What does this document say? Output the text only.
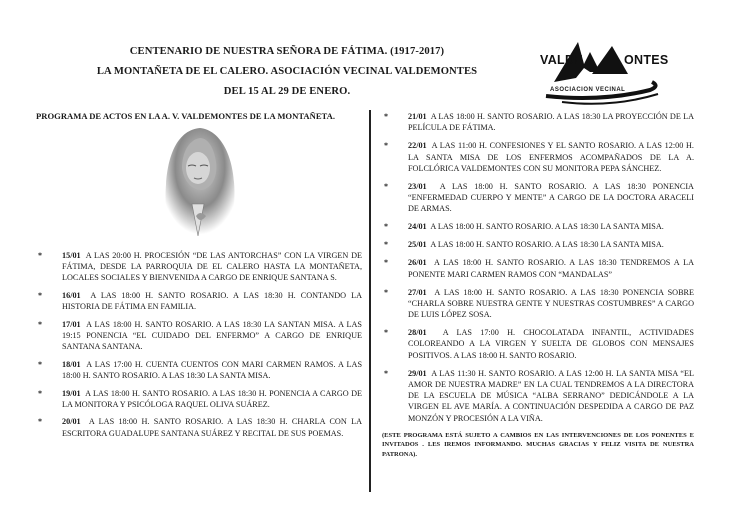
CENTENARIO DE NUESTRA SEÑORA DE FÁTIMA. (1917-2017)
LA MONTAÑETA DE EL CALERO. ASOCIACIÓN VECINAL VALDEMONTES
DEL 15 AL 29 DE ENERO.
VALDE	ONTES
ASOCIACION VECINAL
PROGRAMA DE ACTOS EN LA A. V. VALDEMONTES DE LA MONTAÑETA.
* 15/01 A LAS 20:00 H. PROCESIÓN “DE LAS ANTORCHAS” CON LA VIRGEN DE FÁTIMA, DESDE LA PARROQUIA DE EL CALERO HASTA LA MONTAÑETA, LOCALES SOCIALES Y BIENVENIDA A CARGO DE ENRIQUE SANTANA S.
* 16/01 A LAS 18:00 H. SANTO ROSARIO. A LAS 18:30 H. CONTANDO LA HISTORIA DE FÁTIMA EN FAMILIA.
* 17/01 A LAS 18:00 H. SANTO ROSARIO. A LAS 18:30 LA SANTAN MISA. A LAS 19:15 PONENCIA “EL CUIDADO DEL ENFERMO” A CARGO DE ENRIQUE SANTANA SANTANA.
* 18/01 A LAS 17:00 H. CUENTA CUENTOS CON MARI CARMEN RAMOS. A LAS 18:00 H. SANTO ROSARIO. A LAS 18:30 LA SANTA MISA.
* 19/01 A LAS 18:00 H. SANTO ROSARIO. A LAS 18:30 H. PONENCIA A CARGO DE LA MONITORA Y PSICÓLOGA RAQUEL OLIVA SUÁREZ.
* 20/01 A LAS 18:00 H. SANTO ROSARIO. A LAS 18:30 H. CHARLA CON LA ESCRITORA GUADALUPE SANTANA SUÁREZ Y RECITAL DE SUS POEMAS.
* 21/01 A LAS 18:00 H. SANTO ROSARIO. A LAS 18:30 LA PROYECCIÓN DE LA PELÍCULA DE FÁTIMA.
* 22/01 A LAS 11:00 H. CONFESIONES Y EL SANTO ROSARIO. A LAS 12:00 H. LA SANTA MISA DE LOS ENFERMOS ACOMPAÑADOS DE LA A. FOLCLÓRICA VALDEMONTES CON SU MONITORA PEPA SÁNCHEZ.
* 23/01 A LAS 18:00 H. SANTO ROSARIO. A LAS 18:30 PONENCIA “ENFERMEDAD CUERPO Y MENTE” A CARGO DE LA DOCTORA ARACELI DE ARMAS.
* 24/01 A LAS 18:00 H. SANTO ROSARIO. A LAS 18:30 LA SANTA MISA.
* 25/01 A LAS 18:00 H. SANTO ROSARIO. A LAS 18:30 LA SANTA MISA.
* 26/01 A LAS 18:00 H. SANTO ROSARIO. A LAS 18:30 TENDREMOS A LA PONENTE MARI CARMEN RAMOS CON “MANDALAS”
* 27/01 A LAS 18:00 H. SANTO ROSARIO. A LAS 18:30 PONENCIA SOBRE “CHARLA SOBRE NUESTRA GENTE Y NUESTRAS COSTUMBRES” A CARGO DE LUIS LÓPEZ SOSA.
* 28/01 A LAS 17:00 H. CHOCOLATADA INFANTIL, ACTIVIDADES COLOREANDO A LA VIRGEN Y SUELTA DE GLOBOS CON MENSAJES POSITIVOS. A LAS 18:00 H. SANTO ROSARIO.
* 29/01 A LAS 11:30 H. SANTO ROSARIO. A LAS 12:00 H. LA SANTA MISA “EL AMOR DE NUESTRA MADRE” EN LA CUAL TENDREMOS A LA DIRECTORA DE LA ESCUELA DE MÚSICA “ALBA SERRANO” DEDICÁNDOLE A LA VIRGEN EL AVE MARÍA. A CONTINUACIÓN DESPEDIDA A CARGO DE PAZ MONZÓN Y PROCESIÓN A LA VIÑA.
(ESTE PROGRAMA ESTÁ SUJETO A CAMBIOS EN LAS INTERVENCIONES DE LOS PONENTES E INVITADOS . LES IREMOS INFORMANDO. MUCHAS GRACIAS Y FELIZ VISITA DE NUESTRA PATRONA).
